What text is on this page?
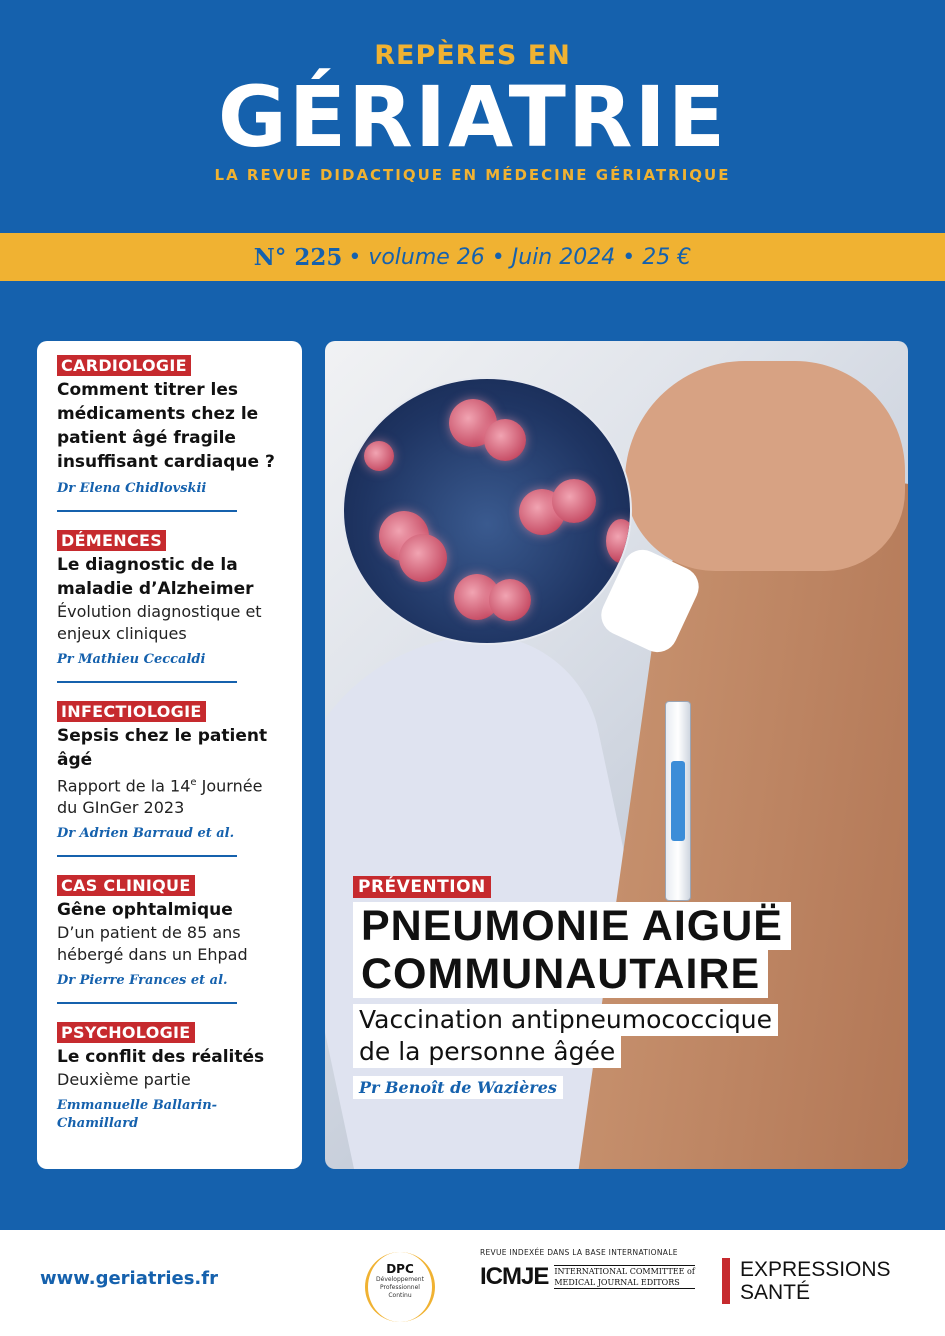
REPÈRES EN
GÉRIATRIE
LA REVUE DIDACTIQUE EN MÉDECINE GÉRIATRIQUE
N° 225 • volume 26 • Juin 2024 • 25 €
CARDIOLOGIE
Comment titrer les médicaments chez le patient âgé fragile insuffisant cardiaque ?
Dr Elena Chidlovskii
DÉMENCES
Le diagnostic de la maladie d’Alzheimer
Évolution diagnostique et enjeux cliniques
Pr Mathieu Ceccaldi
INFECTIOLOGIE
Sepsis chez le patient âgé
Rapport de la 14e Journée du GInGer 2023
Dr Adrien Barraud et al.
CAS CLINIQUE
Gêne ophtalmique
D’un patient de 85 ans hébergé dans un Ehpad
Dr Pierre Frances et al.
PSYCHOLOGIE
Le conflit des réalités
Deuxième partie
Emmanuelle Ballarin-Chamillard
PRÉVENTION
PNEUMONIE AIGUË
COMMUNAUTAIRE
Vaccination antipneumococcique
de la personne âgée
Pr Benoît de Wazières
www.geriatries.fr	DPC
Développement
Professionnel
Continu
REVUE INDEXÉE DANS LA BASE INTERNATIONALE
ICMJE INTERNATIONAL COMMITTEE of
MEDICAL JOURNAL EDITORS
EXPRESSIONS
SANTÉ
